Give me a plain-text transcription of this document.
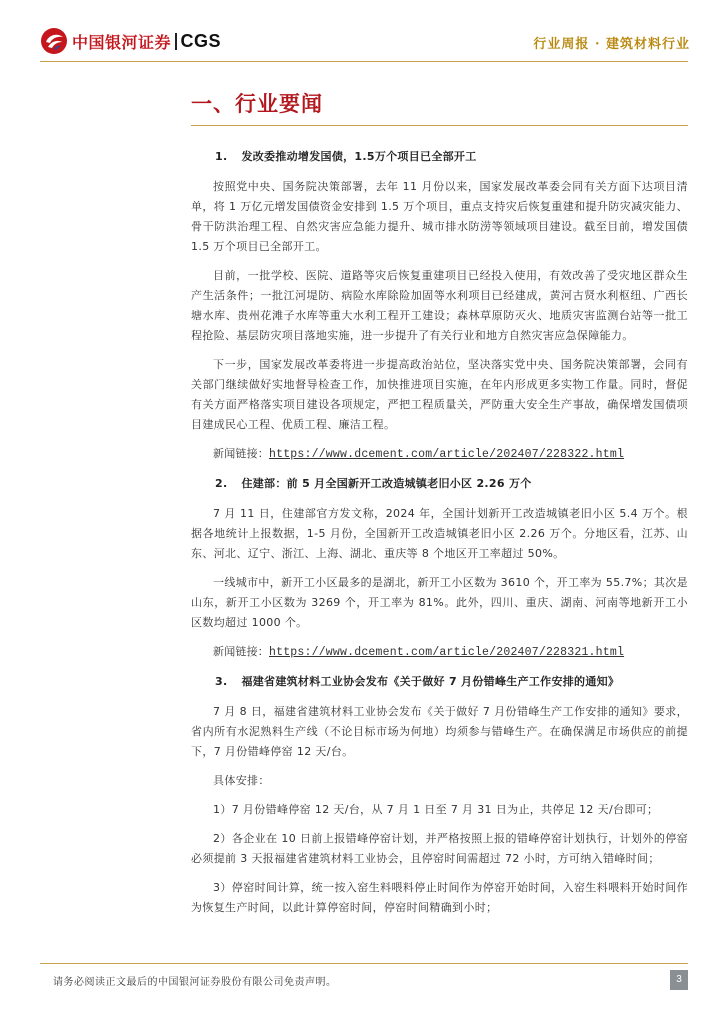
中国银河证券 CGS	行业周报 · 建筑材料行业
一、行业要闻
1. 发改委推动增发国债，1.5万个项目已全部开工

按照党中央、国务院决策部署，去年 11 月份以来，国家发展改革委会同有关方面下达项目清单，将 1 万亿元增发国债资金安排到 1.5 万个项目，重点支持灾后恢复重建和提升防灾减灾能力、骨干防洪治理工程、自然灾害应急能力提升、城市排水防涝等领域项目建设。截至目前，增发国债 1.5 万个项目已全部开工。

目前，一批学校、医院、道路等灾后恢复重建项目已经投入使用，有效改善了受灾地区群众生产生活条件；一批江河堤防、病险水库除险加固等水利项目已经建成，黄河古贤水利枢纽、广西长塘水库、贵州花滩子水库等重大水利工程开工建设；森林草原防灭火、地质灾害监测台站等一批工程抢险、基层防灾项目落地实施，进一步提升了有关行业和地方自然灾害应急保障能力。

下一步，国家发展改革委将进一步提高政治站位，坚决落实党中央、国务院决策部署，会同有关部门继续做好实地督导检查工作，加快推进项目实施，在年内形成更多实物工作量。同时，督促有关方面严格落实项目建设各项规定，严把工程质量关，严防重大安全生产事故，确保增发国债项目建成民心工程、优质工程、廉洁工程。

新闻链接：https://www.dcement.com/article/202407/228322.html

2. 住建部：前 5 月全国新开工改造城镇老旧小区 2.26 万个

7 月 11 日，住建部官方发文称，2024 年，全国计划新开工改造城镇老旧小区 5.4 万个。根据各地统计上报数据，1-5 月份，全国新开工改造城镇老旧小区 2.26 万个。分地区看，江苏、山东、河北、辽宁、浙江、上海、湖北、重庆等 8 个地区开工率超过 50%。

一线城市中，新开工小区最多的是湖北，新开工小区数为 3610 个，开工率为 55.7%；其次是山东，新开工小区数为 3269 个，开工率为 81%。此外，四川、重庆、湖南、河南等地新开工小区数均超过 1000 个。

新闻链接：https://www.dcement.com/article/202407/228321.html

3. 福建省建筑材料工业协会发布《关于做好 7 月份错峰生产工作安排的通知》

7 月 8 日，福建省建筑材料工业协会发布《关于做好 7 月份错峰生产工作安排的通知》要求，省内所有水泥熟料生产线（不论目标市场为何地）均须参与错峰生产。在确保满足市场供应的前提下，7 月份错峰停窑 12 天/台。

具体安排：

1）7 月份错峰停窑 12 天/台，从 7 月 1 日至 7 月 31 日为止，共停足 12 天/台即可；

2）各企业在 10 日前上报错峰停窑计划，并严格按照上报的错峰停窑计划执行，计划外的停窑必须提前 3 天报福建省建筑材料工业协会，且停窑时间需超过 72 小时，方可纳入错峰时间；

3）停窑时间计算，统一按入窑生料喂料停止时间作为停窑开始时间，入窑生料喂料开始时间作为恢复生产时间，以此计算停窑时间，停窑时间精确到小时；

请务必阅读正文最后的中国银河证券股份有限公司免责声明。	3
